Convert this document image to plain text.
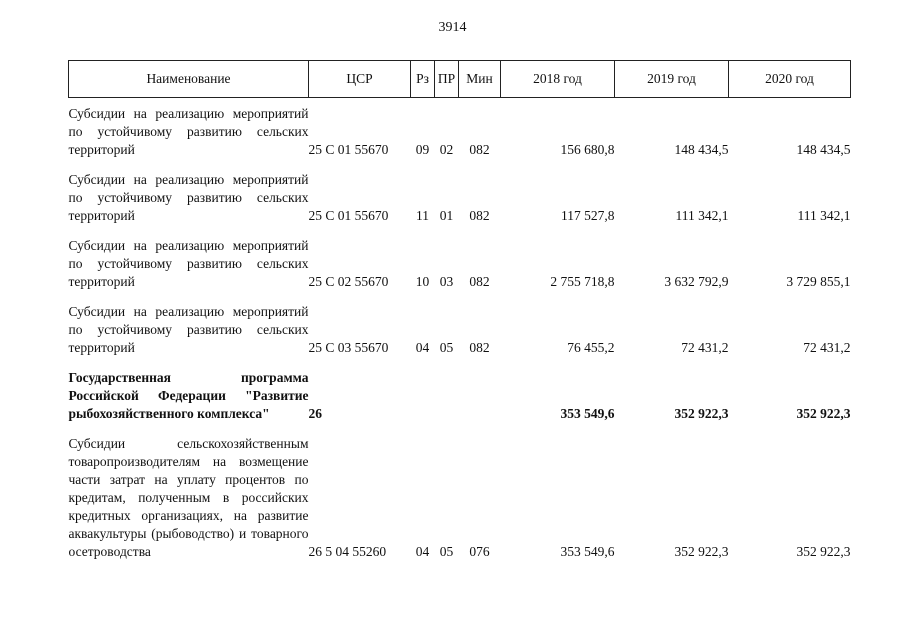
3914
Наименование	ЦСР	Рз	ПР	Мин	2018 год	2019 год	2020 год
Субсидии на реализацию мероприятий по устойчивому развитию сельских территорий	25 С 01 55670	09	02	082	156 680,8	148 434,5	148 434,5
Субсидии на реализацию мероприятий по устойчивому развитию сельских территорий	25 С 01 55670	11	01	082	117 527,8	111 342,1	111 342,1
Субсидии на реализацию мероприятий по устойчивому развитию сельских территорий	25 С 02 55670	10	03	082	2 755 718,8	3 632 792,9	3 729 855,1
Субсидии на реализацию мероприятий по устойчивому развитию сельских территорий	25 С 03 55670	04	05	082	76 455,2	72 431,2	72 431,2
Государственная программа Российской Федерации "Развитие рыбохозяйственного комплекса"	26				353 549,6	352 922,3	352 922,3
Субсидии сельскохозяйственным товаропроизводителям на возмещение части затрат на уплату процентов по кредитам, полученным в российских кредитных организациях, на развитие аквакультуры (рыбоводство) и товарного осетроводства	26 5 04 55260	04	05	076	353 549,6	352 922,3	352 922,3
